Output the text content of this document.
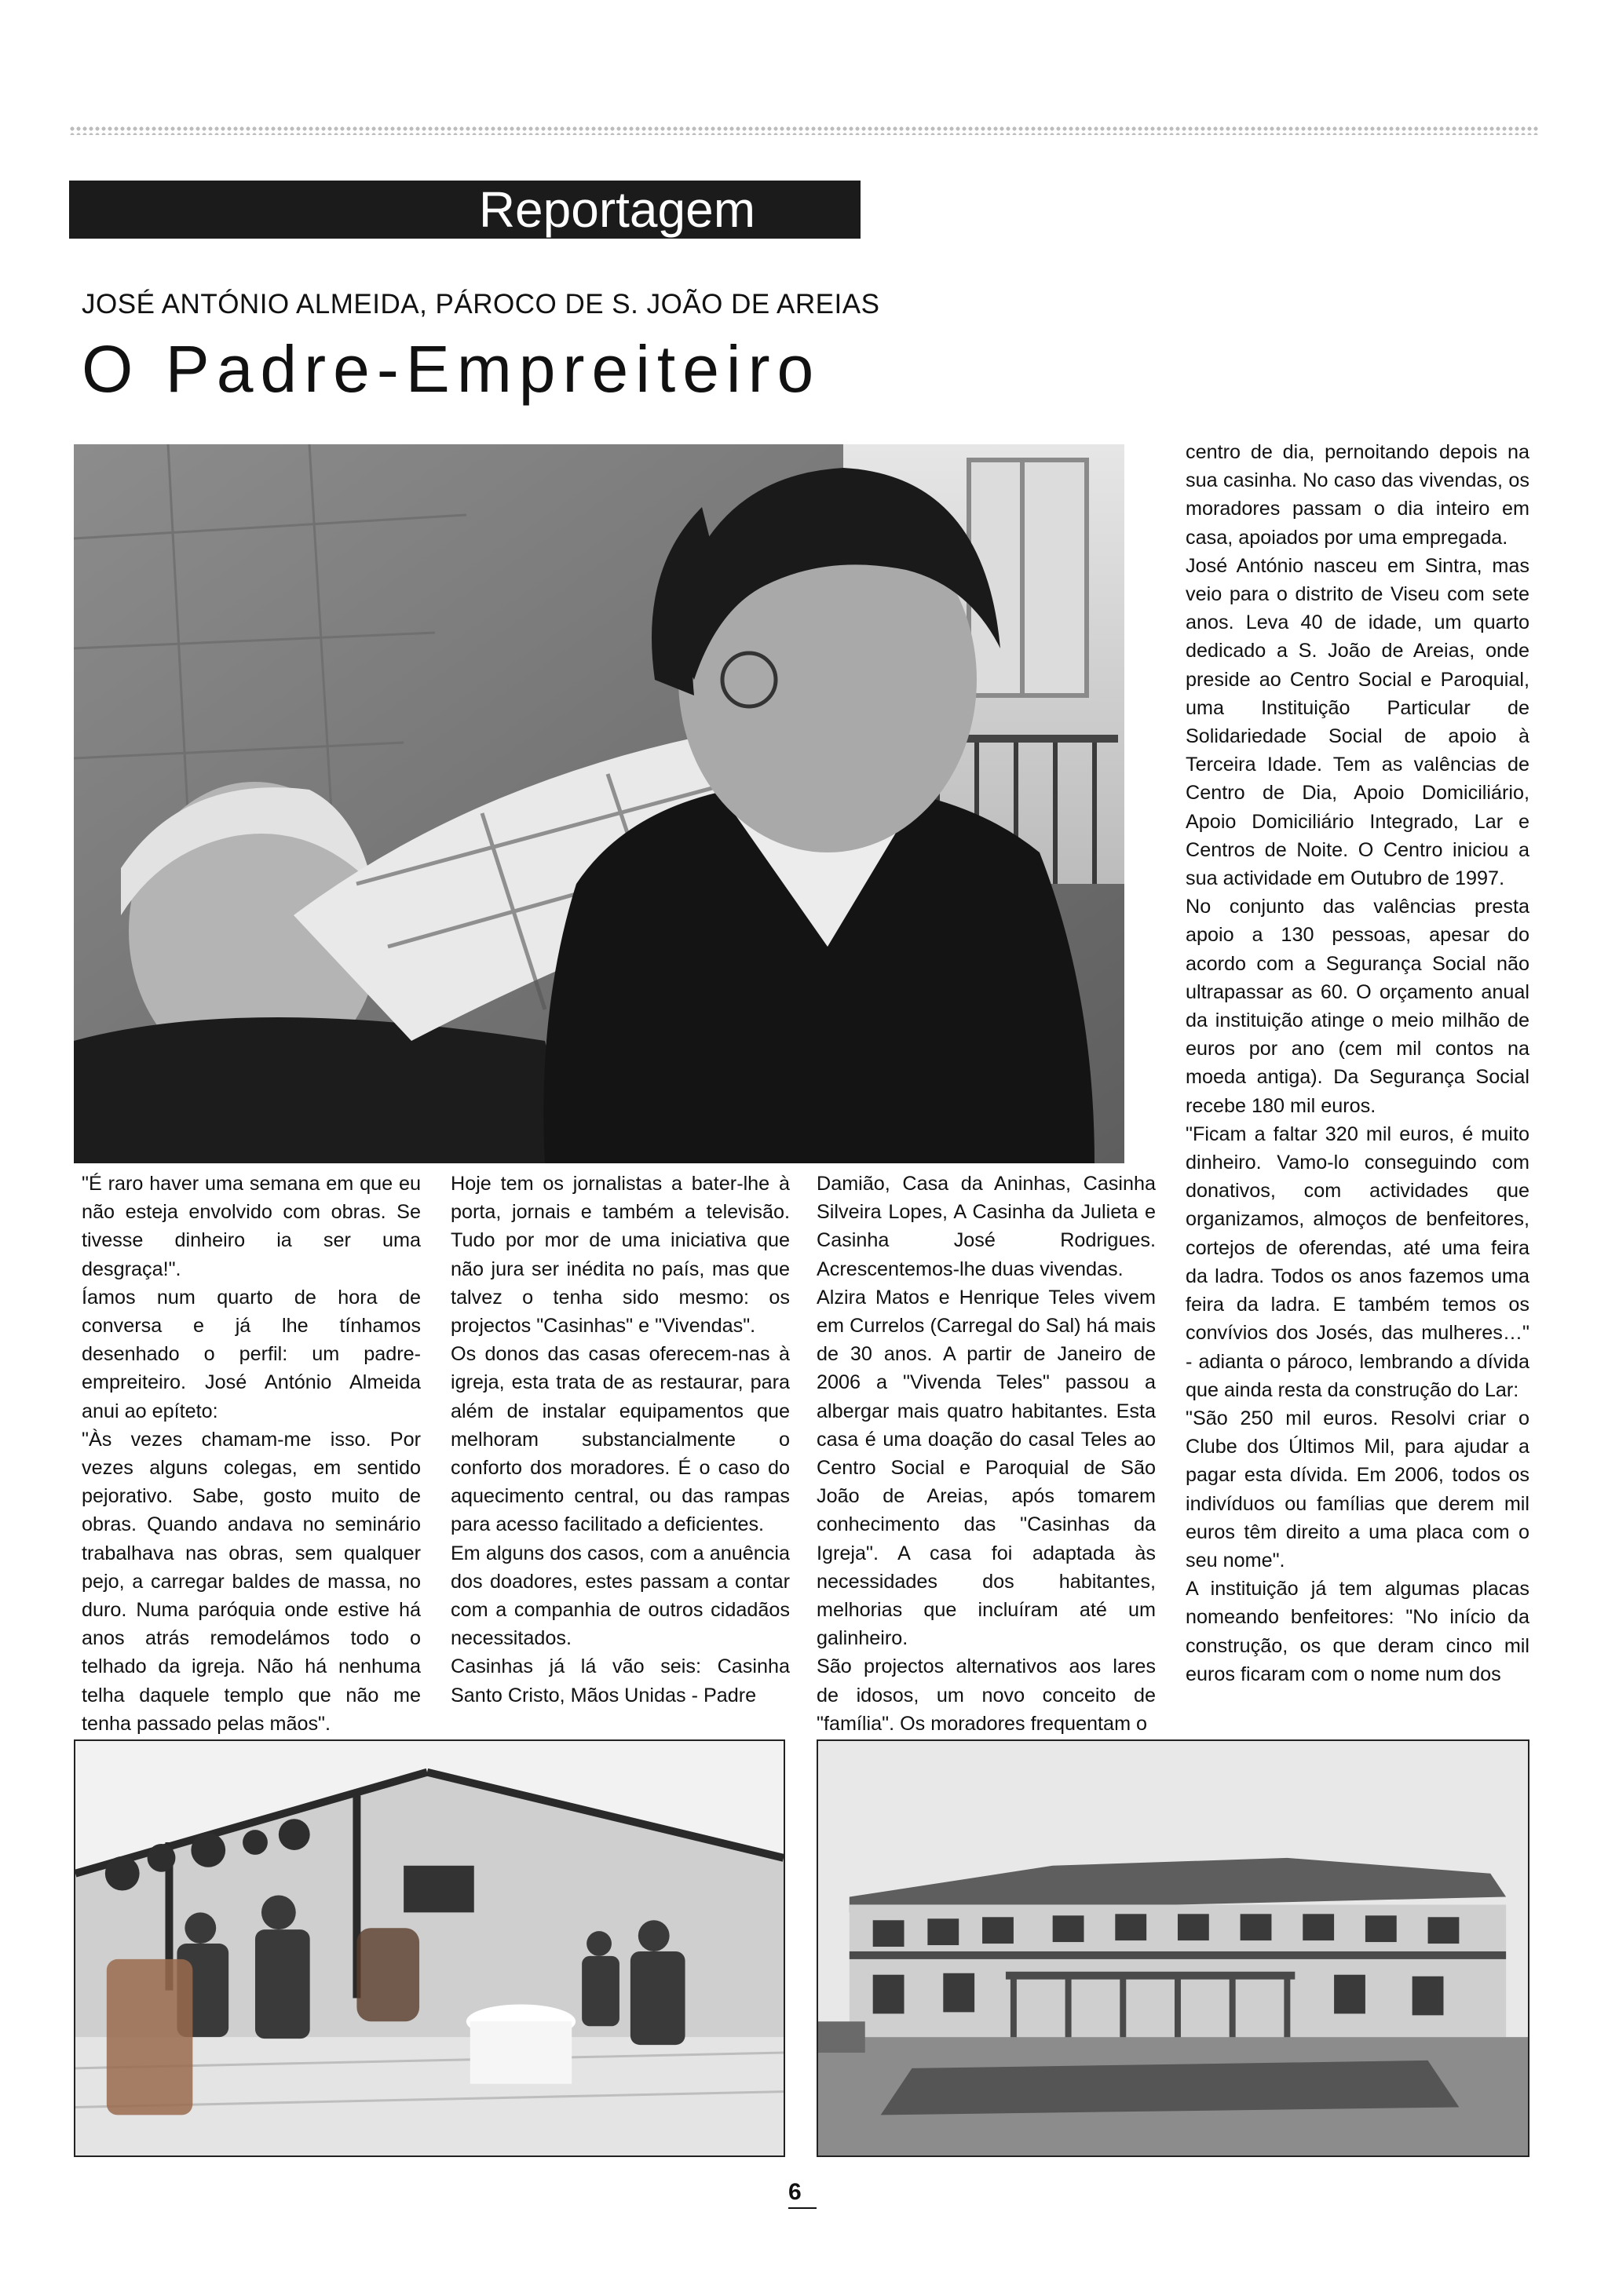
Reportagem
JOSÉ ANTÓNIO ALMEIDA, PÁROCO DE S. JOÃO DE AREIAS
O Padre-Empreiteiro

"É raro haver uma semana em que eu não esteja envolvido com obras. Se tivesse dinheiro ia ser uma desgraça!".

Íamos num quarto de hora de conversa e já lhe tínhamos desenhado o perfil: um padre-empreiteiro. José António Almeida anui ao epíteto:

"Às vezes chamam-me isso. Por vezes alguns colegas, em sentido pejorativo. Sabe, gosto muito de obras. Quando andava no seminário trabalhava nas obras, sem qualquer pejo, a carregar baldes de massa, no duro. Numa paróquia onde estive há anos atrás remodelámos todo o telhado da igreja. Não há nenhuma telha daquele templo que não me tenha passado pelas mãos".

Hoje tem os jornalistas a bater-lhe à porta, jornais e também a televisão. Tudo por mor de uma iniciativa que não jura ser inédita no país, mas que talvez o tenha sido mesmo: os projectos "Casinhas" e "Vivendas".

Os donos das casas oferecem-nas à igreja, esta trata de as restaurar, para além de instalar equipamentos que melhoram substancialmente o conforto dos moradores. É o caso do aquecimento central, ou das rampas para acesso facilitado a deficientes.

Em alguns dos casos, com a anuência dos doadores, estes passam a contar com a companhia de outros cidadãos necessitados.

Casinhas já lá vão seis: Casinha Santo Cristo, Mãos Unidas - Padre

Damião, Casa da Aninhas, Casinha Silveira Lopes, A Casinha da Julieta e Casinha José Rodrigues. Acrescentemos-lhe duas vivendas.

Alzira Matos e Henrique Teles vivem em Currelos (Carregal do Sal) há mais de 30 anos. A partir de Janeiro de 2006 a "Vivenda Teles" passou a albergar mais quatro habitantes. Esta casa é uma doação do casal Teles ao Centro Social e Paroquial de São João de Areias, após tomarem conhecimento das "Casinhas da Igreja". A casa foi adaptada às necessidades dos habitantes, melhorias que incluíram até um galinheiro.

São projectos alternativos aos lares de idosos, um novo conceito de "família". Os moradores frequentam o

centro de dia, pernoitando depois na sua casinha. No caso das vivendas, os moradores passam o dia inteiro em casa, apoiados por uma empregada.

José António nasceu em Sintra, mas veio para o distrito de Viseu com sete anos. Leva 40 de idade, um quarto dedicado a S. João de Areias, onde preside ao Centro Social e Paroquial, uma Instituição Particular de Solidariedade Social de apoio à Terceira Idade. Tem as valências de Centro de Dia, Apoio Domiciliário, Apoio Domiciliário Integrado, Lar e Centros de Noite. O Centro iniciou a sua actividade em Outubro de 1997.

No conjunto das valências presta apoio a 130 pessoas, apesar do acordo com a Segurança Social não ultrapassar as 60. O orçamento anual da instituição atinge o meio milhão de euros por ano (cem mil contos na moeda antiga). Da Segurança Social recebe 180 mil euros.

"Ficam a faltar 320 mil euros, é muito dinheiro. Vamo-lo conseguindo com donativos, com actividades que organizamos, almoços de benfeitores, cortejos de oferendas, até uma feira da ladra. Todos os anos fazemos uma feira da ladra. E também temos os convívios dos Josés, das mulheres…" - adianta o pároco, lembrando a dívida que ainda resta da construção do Lar:

"São 250 mil euros. Resolvi criar o Clube dos Últimos Mil, para ajudar a pagar esta dívida. Em 2006, todos os indivíduos ou famílias que derem mil euros têm direito a uma placa com o seu nome".

A instituição já tem algumas placas nomeando benfeitores: "No início da construção, os que deram cinco mil euros ficaram com o nome num dos

6
